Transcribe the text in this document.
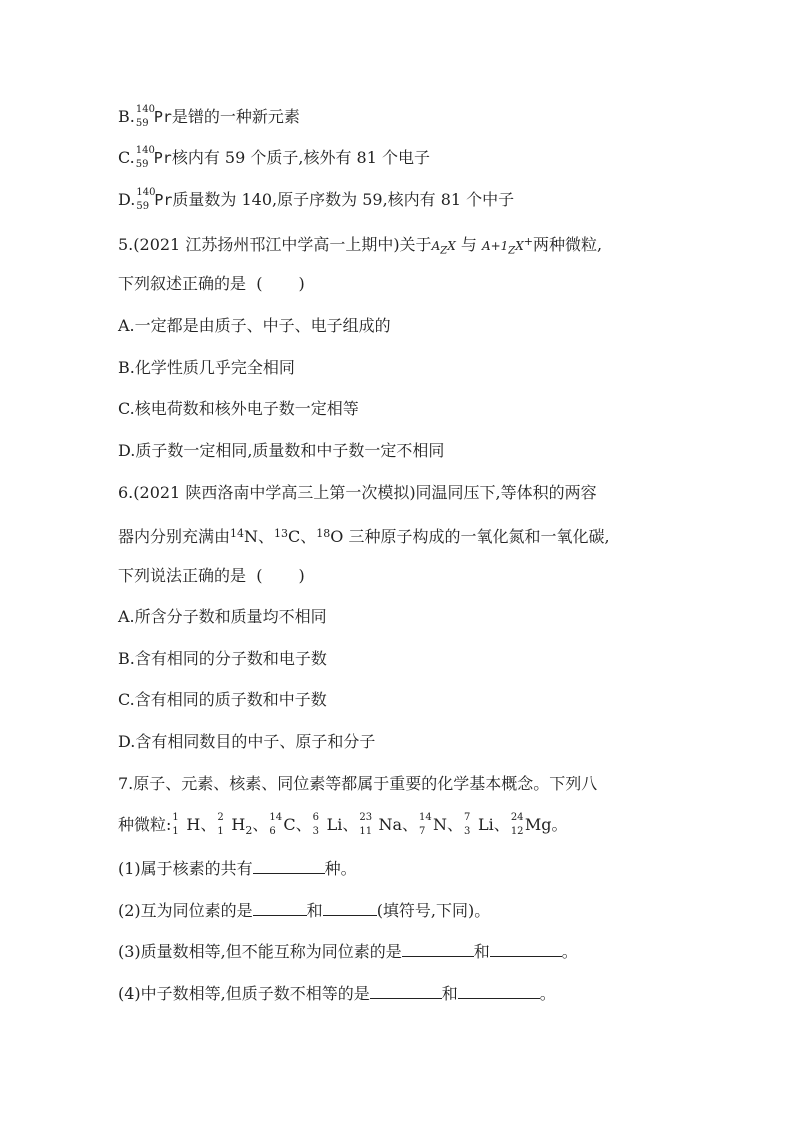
B. 140
59 Pr是镨的一种新元素
C. 140
59 Pr核内有 59 个质子,核外有 81 个电子
D. 140
59 Pr质量数为 140,原子序数为 59,核内有 81 个中子
5.(2021 江苏扬州邗江中学高一上期中)关于$A_ZX$ 与 $A+1_ZX+$两种微粒,
下列叙述正确的是 ( )
A.一定都是由质子、中子、电子组成的
B.化学性质几乎完全相同
C.核电荷数和核外电子数一定相等
D.质子数一定相同,质量数和中子数一定不相同
6.(2021 陕西洛南中学高三上第一次模拟)同温同压下,等体积的两容
器内分别充满由$^{14}$N、$^{13}$C、$^{18}$O 三种原子构成的一氧化氮和一氧化碳,
下列说法正确的是 ( )
A.所含分子数和质量均不相同
B.含有相同的分子数和电子数
C.含有相同的质子数和中子数
D.含有相同数目的中子、原子和分子
7.原子、元素、核素、同位素等都属于重要的化学基本概念。下列八
种微粒: 1
1 H、 2
1 $H_2$、 14
6 C、 6
3 Li、 23
11 Na、 14
7 N、 7
3 Li、 24
12 Mg。
(1)属于核素的共有	种。
(2)互为同位素的是	和	(填符号,下同)。
(3)质量数相等,但不能互称为同位素的是	和	。
(4)中子数相等,但质子数不相等的是	和	。
